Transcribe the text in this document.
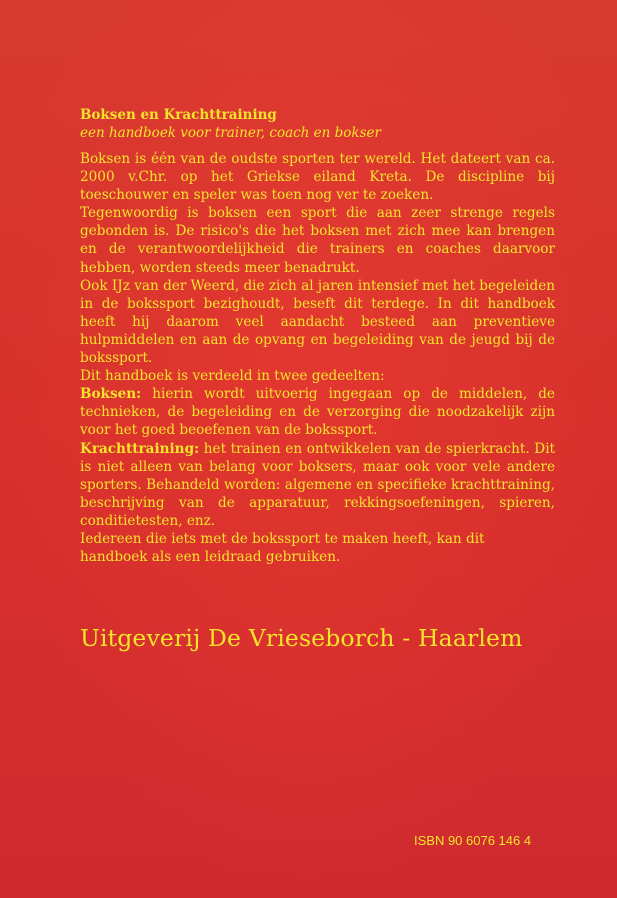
Boksen en Krachttraining
een handboek voor trainer, coach en bokser

Boksen is één van de oudste sporten ter wereld. Het dateert van ca. 2000 v.Chr. op het Griekse eiland Kreta. De discipline bij toeschouwer en speler was toen nog ver te zoeken.

Tegenwoordig is boksen een sport die aan zeer strenge regels gebonden is. De risico's die het boksen met zich mee kan brengen en de verantwoordelijkheid die trainers en coaches daarvoor hebben, worden steeds meer benadrukt.

Ook IJz van der Weerd, die zich al jaren intensief met het begeleiden in de bokssport bezighoudt, beseft dit terdege. In dit handboek heeft hij daarom veel aandacht besteed aan preventieve hulpmiddelen en aan de opvang en begeleiding van de jeugd bij de bokssport.

Dit handboek is verdeeld in twee gedeelten:

Boksen: hierin wordt uitvoerig ingegaan op de middelen, de technieken, de begeleiding en de verzorging die noodzakelijk zijn voor het goed beoefenen van de bokssport.

Krachttraining: het trainen en ontwikkelen van de spierkracht. Dit is niet alleen van belang voor boksers, maar ook voor vele andere sporters. Behandeld worden: algemene en specifieke krachttraining, beschrijving van de apparatuur, rekkingsoefeningen, spieren, conditietesten, enz.

Iedereen die iets met de bokssport te maken heeft, kan dit handboek als een leidraad gebruiken.

Uitgeverij De Vrieseborch - Haarlem
ISBN 90 6076 146 4
